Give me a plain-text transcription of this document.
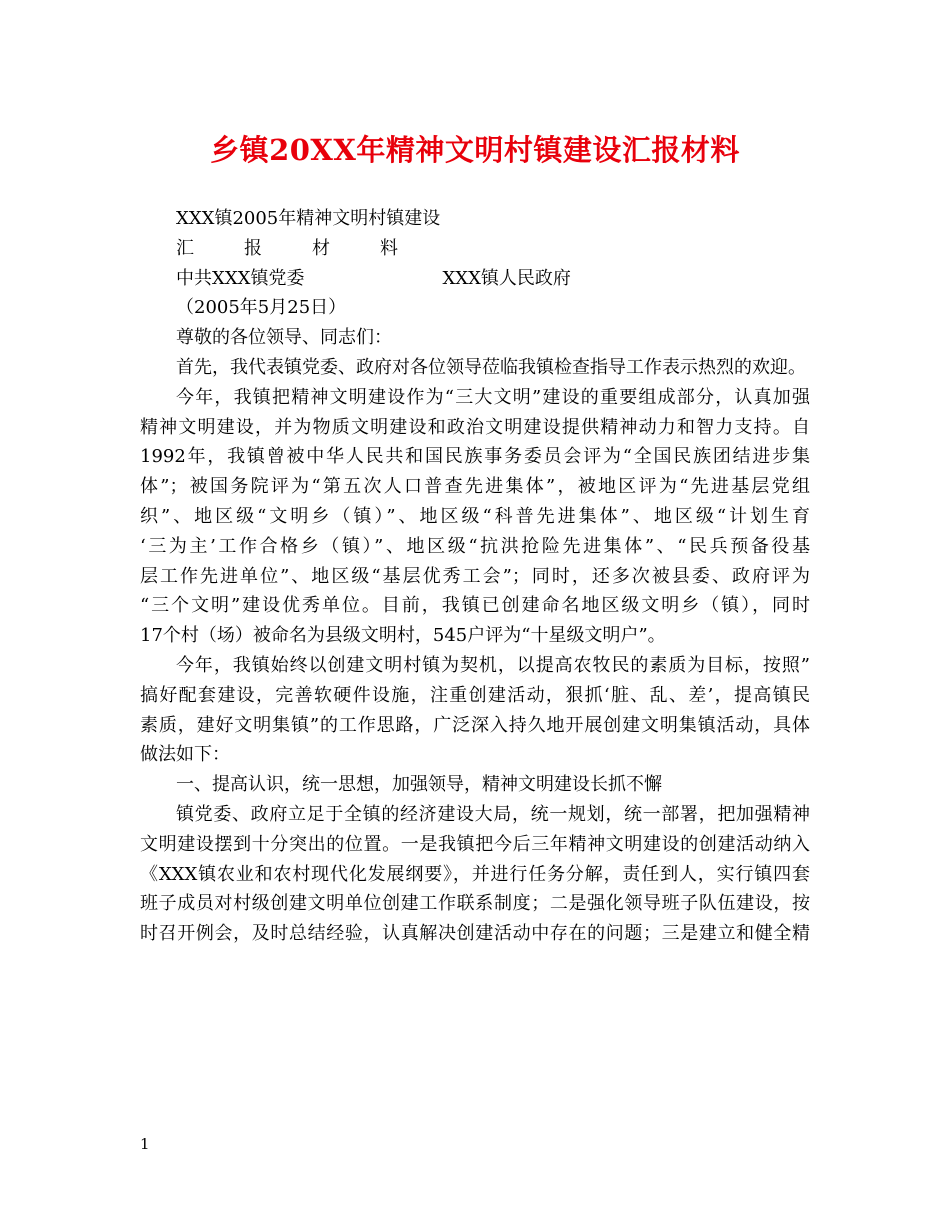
乡镇20XX年精神文明村镇建设汇报材料
XXX镇2005年精神文明村镇建设
汇	报	材	料
中共XXX镇党委	XXX镇人民政府
（2005年5月25日）
尊敬的各位领导、同志们：
首先，我代表镇党委、政府对各位领导莅临我镇检查指导工作表示热烈的欢迎。
今年，我镇把精神文明建设作为“三大文明”建设的重要组成部分，认真加强
精神文明建设，并为物质文明建设和政治文明建设提供精神动力和智力支持。自
1992年，我镇曾被中华人民共和国民族事务委员会评为“全国民族团结进步集
体”；被国务院评为“第五次人口普查先进集体”，被地区评为“先进基层党组
织”、地区级“文明乡（镇）”、地区级“科普先进集体”、地区级“计划生育
‘三为主’工作合格乡（镇）”、地区级“抗洪抢险先进集体”、“民兵预备役基
层工作先进单位”、地区级“基层优秀工会”；同时，还多次被县委、政府评为
“三个文明”建设优秀单位。目前，我镇已创建命名地区级文明乡（镇），同时
17个村（场）被命名为县级文明村，545户评为“十星级文明户”。
今年，我镇始终以创建文明村镇为契机，以提高农牧民的素质为目标，按照”
搞好配套建设，完善软硬件设施，注重创建活动，狠抓‘脏、乱、差’，提高镇民
素质，建好文明集镇”的工作思路，广泛深入持久地开展创建文明集镇活动，具体
做法如下：
一、提高认识，统一思想，加强领导，精神文明建设长抓不懈
镇党委、政府立足于全镇的经济建设大局，统一规划，统一部署，把加强精神
文明建设摆到十分突出的位置。一是我镇把今后三年精神文明建设的创建活动纳入
《XXX镇农业和农村现代化发展纲要》，并进行任务分解，责任到人，实行镇四套
班子成员对村级创建文明单位创建工作联系制度；二是强化领导班子队伍建设，按
时召开例会，及时总结经验，认真解决创建活动中存在的问题；三是建立和健全精
1
